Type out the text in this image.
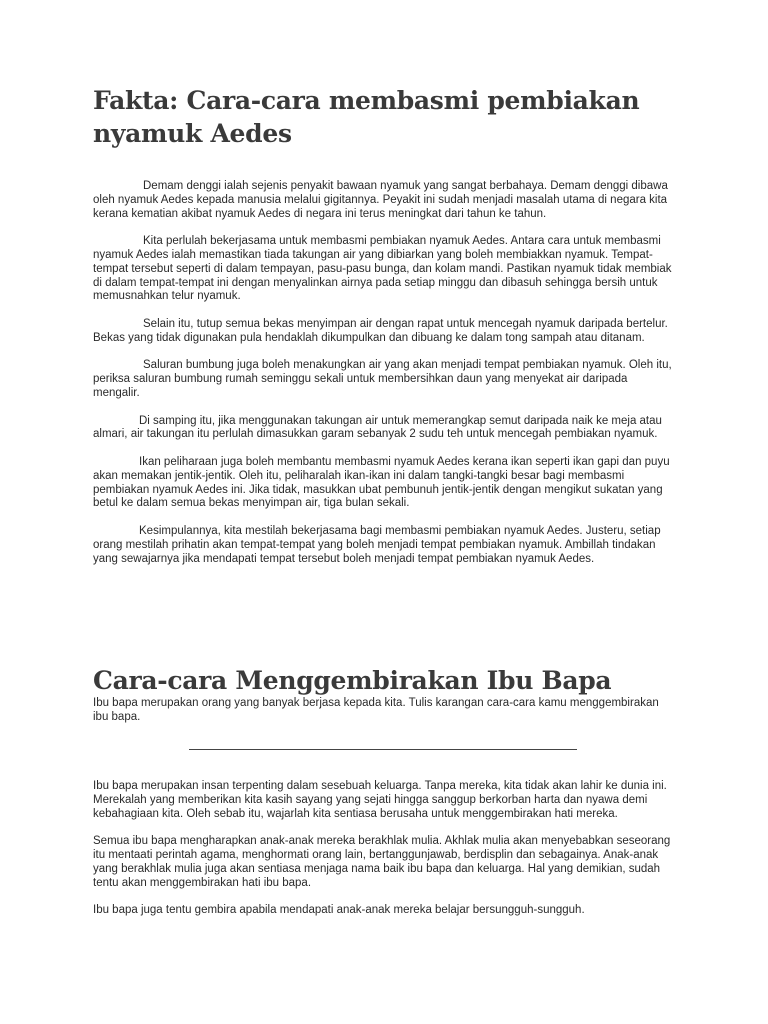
Fakta: Cara-cara membasmi pembiakan nyamuk Aedes

Demam denggi ialah sejenis penyakit bawaan nyamuk yang sangat berbahaya. Demam denggi dibawa oleh nyamuk Aedes kepada manusia melalui gigitannya. Peyakit ini sudah menjadi masalah utama di negara kita kerana kematian akibat nyamuk Aedes di negara ini terus meningkat dari tahun ke tahun.

Kita perlulah bekerjasama untuk membasmi pembiakan nyamuk Aedes. Antara cara untuk membasmi nyamuk Aedes ialah memastikan tiada takungan air yang dibiarkan yang boleh membiakkan nyamuk. Tempat-tempat tersebut seperti di dalam tempayan, pasu-pasu bunga, dan kolam mandi. Pastikan nyamuk tidak membiak di dalam tempat-tempat ini dengan menyalinkan airnya pada setiap minggu dan dibasuh sehingga bersih untuk memusnahkan telur nyamuk.

Selain itu, tutup semua bekas menyimpan air dengan rapat untuk mencegah nyamuk daripada bertelur. Bekas yang tidak digunakan pula hendaklah dikumpulkan dan dibuang ke dalam tong sampah atau ditanam.

Saluran bumbung juga boleh menakungkan air yang akan menjadi tempat pembiakan nyamuk. Oleh itu, periksa saluran bumbung rumah seminggu sekali untuk membersihkan daun yang menyekat air daripada mengalir.

Di samping itu, jika menggunakan takungan air untuk memerangkap semut daripada naik ke meja atau almari, air takungan itu perlulah dimasukkan garam sebanyak 2 sudu teh untuk mencegah pembiakan nyamuk.

Ikan peliharaan juga boleh membantu membasmi nyamuk Aedes kerana ikan seperti ikan gapi dan puyu akan memakan jentik-jentik. Oleh itu, peliharalah ikan-ikan ini dalam tangki-tangki besar bagi membasmi pembiakan nyamuk Aedes ini. Jika tidak, masukkan ubat pembunuh jentik-jentik dengan mengikut sukatan yang betul ke dalam semua bekas menyimpan air, tiga bulan sekali.

Kesimpulannya, kita mestilah bekerjasama bagi membasmi pembiakan nyamuk Aedes. Justeru, setiap orang mestilah prihatin akan tempat-tempat yang boleh menjadi tempat pembiakan nyamuk. Ambillah tindakan yang sewajarnya jika mendapati tempat tersebut boleh menjadi tempat pembiakan nyamuk Aedes.

Cara-cara Menggembirakan Ibu Bapa

Ibu bapa merupakan orang yang banyak berjasa kepada kita. Tulis karangan cara-cara kamu menggembirakan ibu bapa.

Ibu bapa merupakan insan terpenting dalam sesebuah keluarga. Tanpa mereka, kita tidak akan lahir ke dunia ini. Merekalah yang memberikan kita kasih sayang yang sejati hingga sanggup berkorban harta dan nyawa demi kebahagiaan kita. Oleh sebab itu, wajarlah kita sentiasa berusaha untuk menggembirakan hati mereka.

Semua ibu bapa mengharapkan anak-anak mereka berakhlak mulia. Akhlak mulia akan menyebabkan seseorang itu mentaati perintah agama, menghormati orang lain, bertanggunjawab, berdisplin dan sebagainya. Anak-anak yang berakhlak mulia juga akan sentiasa menjaga nama baik ibu bapa dan keluarga. Hal yang demikian, sudah tentu akan menggembirakan hati ibu bapa.

Ibu bapa juga tentu gembira apabila mendapati anak-anak mereka belajar bersungguh-sungguh.
